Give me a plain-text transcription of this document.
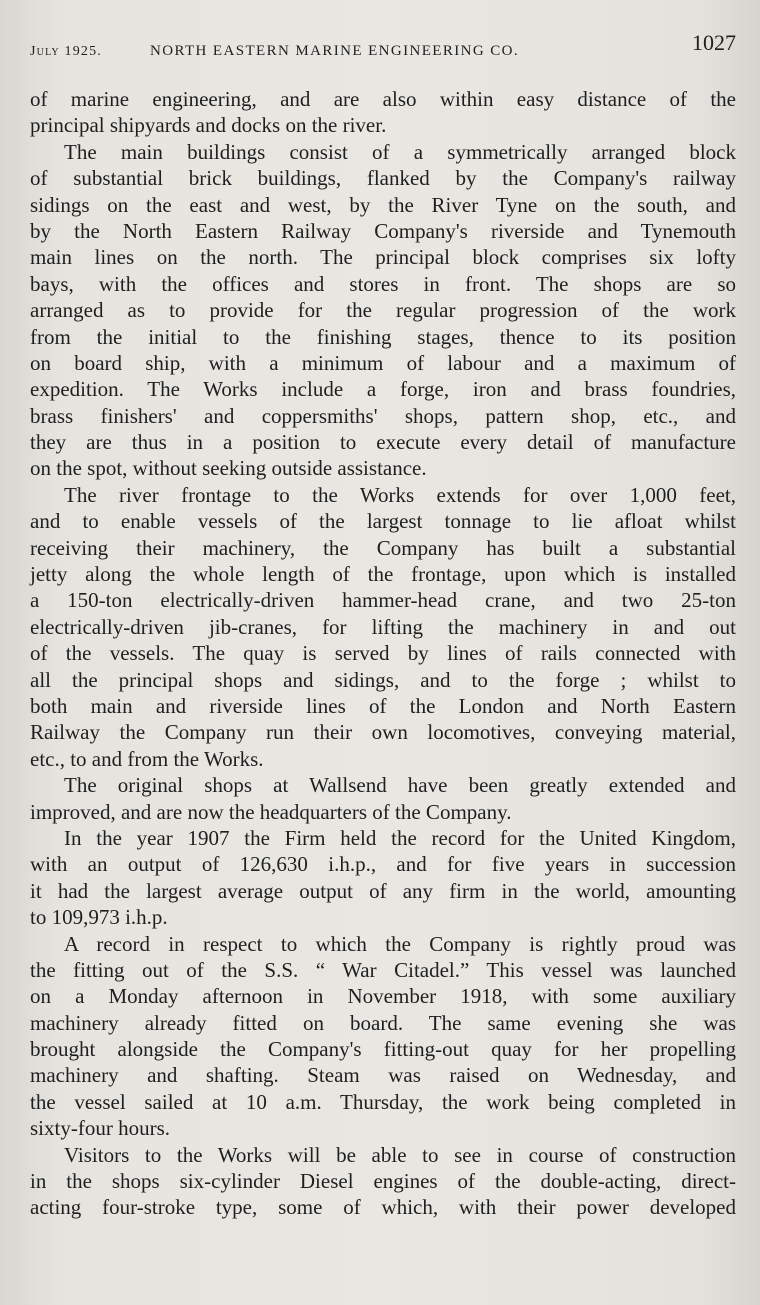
July 1925.	NORTH EASTERN MARINE ENGINEERING CO.	1027
of marine engineering, and are also within easy distance of the
principal shipyards and docks on the river.
The main buildings consist of a symmetrically arranged block
of substantial brick buildings, flanked by the Company's railway
sidings on the east and west, by the River Tyne on the south, and
by the North Eastern Railway Company's riverside and Tynemouth
main lines on the north. The principal block comprises six lofty
bays, with the offices and stores in front. The shops are so
arranged as to provide for the regular progression of the work
from the initial to the finishing stages, thence to its position
on board ship, with a minimum of labour and a maximum of
expedition. The Works include a forge, iron and brass foundries,
brass finishers' and coppersmiths' shops, pattern shop, etc., and
they are thus in a position to execute every detail of manufacture
on the spot, without seeking outside assistance.
The river frontage to the Works extends for over 1,000 feet,
and to enable vessels of the largest tonnage to lie afloat whilst
receiving their machinery, the Company has built a substantial
jetty along the whole length of the frontage, upon which is installed
a 150-ton electrically-driven hammer-head crane, and two 25-ton
electrically-driven jib-cranes, for lifting the machinery in and out
of the vessels. The quay is served by lines of rails connected with
all the principal shops and sidings, and to the forge ; whilst to
both main and riverside lines of the London and North Eastern
Railway the Company run their own locomotives, conveying material,
etc., to and from the Works.
The original shops at Wallsend have been greatly extended and
improved, and are now the headquarters of the Company.
In the year 1907 the Firm held the record for the United Kingdom,
with an output of 126,630 i.h.p., and for five years in succession
it had the largest average output of any firm in the world, amounting
to 109,973 i.h.p.
A record in respect to which the Company is rightly proud was
the fitting out of the S.S. “ War Citadel.” This vessel was launched
on a Monday afternoon in November 1918, with some auxiliary
machinery already fitted on board. The same evening she was
brought alongside the Company's fitting-out quay for her propelling
machinery and shafting. Steam was raised on Wednesday, and
the vessel sailed at 10 a.m. Thursday, the work being completed in
sixty-four hours.
Visitors to the Works will be able to see in course of construction
in the shops six-cylinder Diesel engines of the double-acting, direct-
acting four-stroke type, some of which, with their power developed
